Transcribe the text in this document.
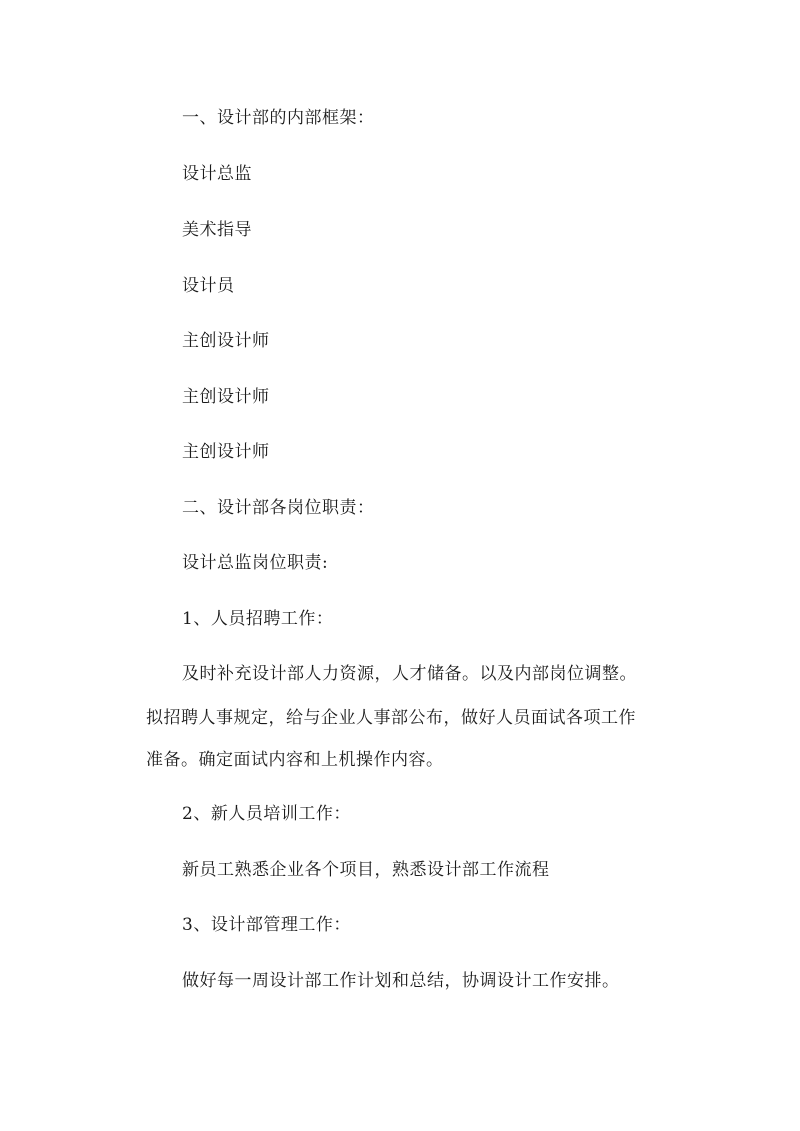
一、设计部的内部框架：
设计总监
美术指导
设计员
主创设计师
主创设计师
主创设计师
二、设计部各岗位职责：
设计总监岗位职责:
1、人员招聘工作：
及时补充设计部人力资源，人才储备。以及内部岗位调整。
拟招聘人事规定，给与企业人事部公布，做好人员面试各项工作
准备。确定面试内容和上机操作内容。
2、新人员培训工作：
新员工熟悉企业各个项目，熟悉设计部工作流程
3、设计部管理工作：
做好每一周设计部工作计划和总结，协调设计工作安排。
